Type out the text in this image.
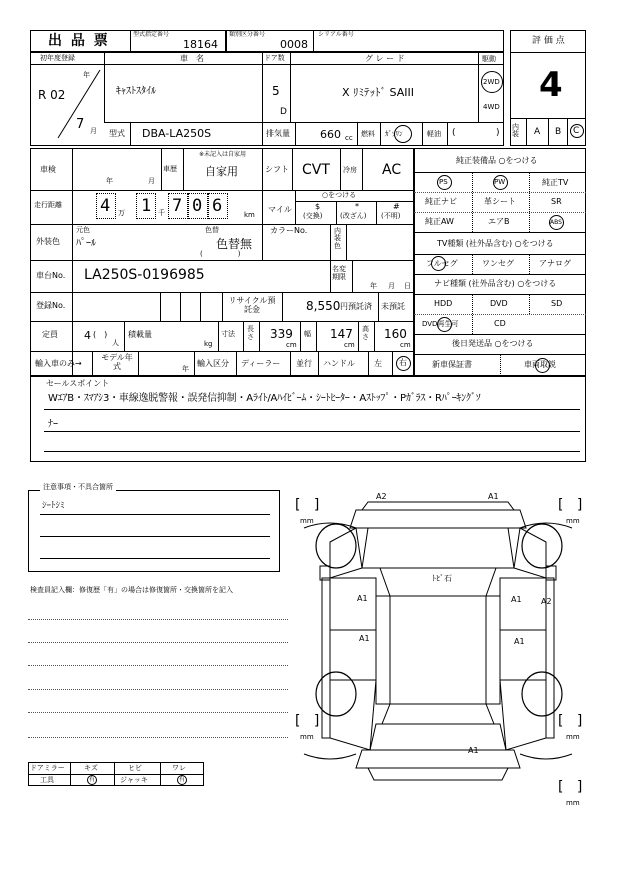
出 品 票	型式指定番号
18164
類別区分番号
0008
シリアル番号
評 価 点
4
内装	A B C
初年度登録
R 02
年
7 月
車　名
ｷｬｽﾄｽﾀｲﾙ
ドア数
5
D
グ レ ー ド
X ﾘﾐﾃｯﾄﾞ SAIII
駆動
2WD
4WD
型式 DBA-LA250S	排気量	660 cc 燃料 ｶﾞｿﾘﾝ	軽油 (	)
車検
年	月
車歴
※未記入は自家用
自家用	シフト CVT 冷房 AC
走行距離 4 万 1 千 7 0 6	km
マイル
○をつける
$
(交換)
*
(改ざん)
#
(不明)
外装色
元色
ﾊﾟｰﾙ
色替
色替無
(　　　　　)
カラーNo.	内装色
車台No. LA250S-0196985	名変期限
年 月 日
登録No.
リサイクル預託金	8,550 円預託済 未預託
定員 4 (　)
人
積載量
kg
寸法
長さ 339
cm
幅 147
cm
高さ 160
cm
輸入車のみ→
モデル年式	年
輸入区分 ディーラー 並行 ハンドル 左 右
純正装備品 ○をつける
PS	PW	純正TV
純正ナビ	革シート	SR
純正AW	エアB	ABS
TV種類 (社外品含む) ○をつける
フルセグ	ワンセグ	アナログ
ナビ種類 (社外品含む) ○をつける
HDD	DVD	SD
DVD再生可	CD
後日発送品 ○をつける
新車保証書	車両取説
セールスポイント
WｴｱB・ｽﾏｱｼ3・車線逸脱警報・誤発信抑制・Aﾗｲﾄ/Aﾊｲﾋﾞｰﾑ・ｼｰﾄﾋｰﾀｰ・Aｽﾄｯﾌﾟ・Pｶﾞﾗｽ・Rﾊﾟｰｷﾝｸﾞｿ
ﾅｰ
注意事項・不具合箇所
ｼｰﾄｼﾐ
検査員記入欄：修復歴「有」の場合は修復箇所・交換箇所を記入
ドアミラー	キズ	ヒビ	ワレ
工具	有	ジャッキ	有
A2	A1
ﾄﾋﾞ石
A1
A1
A1
A1
A2
A1
[   ]
mm
[   ]
mm
[   ]
mm
[   ]
mm
[   ]
mm
